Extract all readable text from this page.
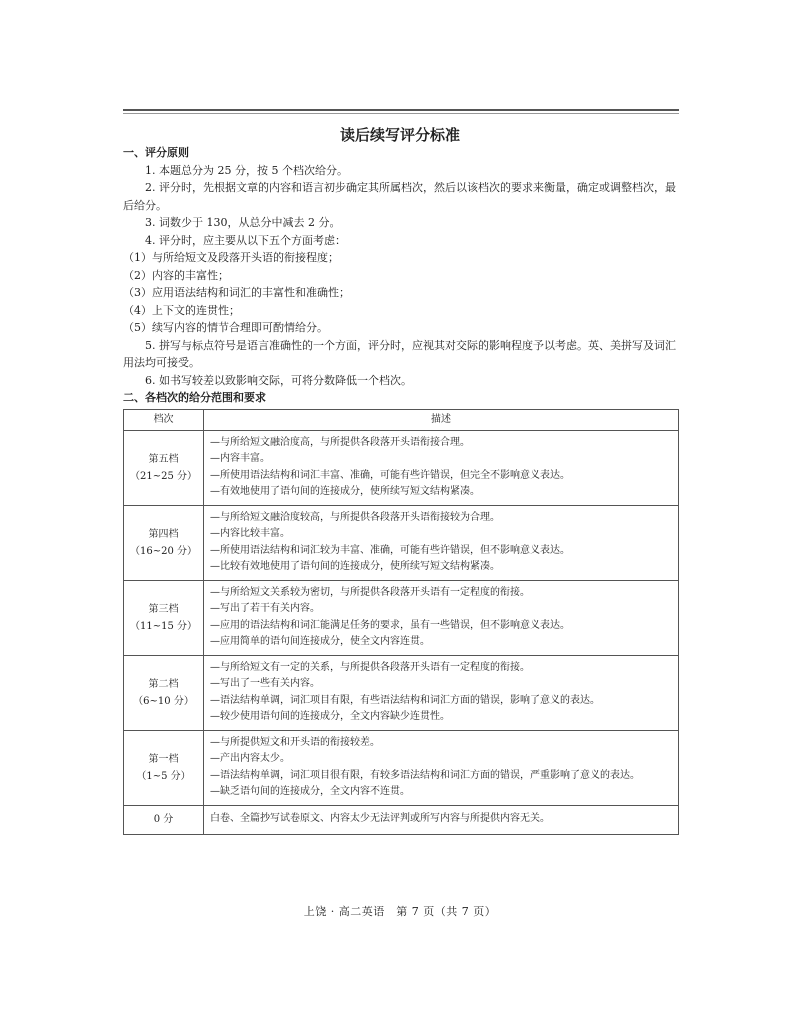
读后续写评分标准

一、评分原则

1. 本题总分为 25 分，按 5 个档次给分。

2. 评分时，先根据文章的内容和语言初步确定其所属档次，然后以该档次的要求来衡量，确定或调整档次，最后给分。

3. 词数少于 130，从总分中减去 2 分。

4. 评分时，应主要从以下五个方面考虑：

（1）与所给短文及段落开头语的衔接程度；

（2）内容的丰富性；

（3）应用语法结构和词汇的丰富性和准确性；

（4）上下文的连贯性；

（5）续写内容的情节合理即可酌情给分。

5. 拼写与标点符号是语言准确性的一个方面，评分时，应视其对交际的影响程度予以考虑。英、美拼写及词汇用法均可接受。

6. 如书写较差以致影响交际，可将分数降低一个档次。

二、各档次的给分范围和要求

档次	描述

第五档
（21~25 分）	—与所给短文融洽度高，与所提供各段落开头语衔接合理。
—内容丰富。
—所使用语法结构和词汇丰富、准确，可能有些许错误，但完全不影响意义表达。
—有效地使用了语句间的连接成分，使所续写短文结构紧凑。

第四档
（16~20 分）	—与所给短文融洽度较高，与所提供各段落开头语衔接较为合理。
—内容比较丰富。
—所使用语法结构和词汇较为丰富、准确，可能有些许错误，但不影响意义表达。
—比较有效地使用了语句间的连接成分，使所续写短文结构紧凑。

第三档
（11~15 分）	—与所给短文关系较为密切，与所提供各段落开头语有一定程度的衔接。
—写出了若干有关内容。
—应用的语法结构和词汇能满足任务的要求，虽有一些错误，但不影响意义表达。
—应用简单的语句间连接成分，使全文内容连贯。

第二档
（6~10 分）	—与所给短文有一定的关系，与所提供各段落开头语有一定程度的衔接。
—写出了一些有关内容。
—语法结构单调，词汇项目有限，有些语法结构和词汇方面的错误，影响了意义的表达。
—较少使用语句间的连接成分，全文内容缺少连贯性。

第一档
（1~5 分）	—与所提供短文和开头语的衔接较差。
—产出内容太少。
—语法结构单调，词汇项目很有限，有较多语法结构和词汇方面的错误，严重影响了意义的表达。
—缺乏语句间的连接成分，全文内容不连贯。

0 分	白卷、全篇抄写试卷原文、内容太少无法评判或所写内容与所提供内容无关。
上饶 · 高二英语　第 7 页（共 7 页）
